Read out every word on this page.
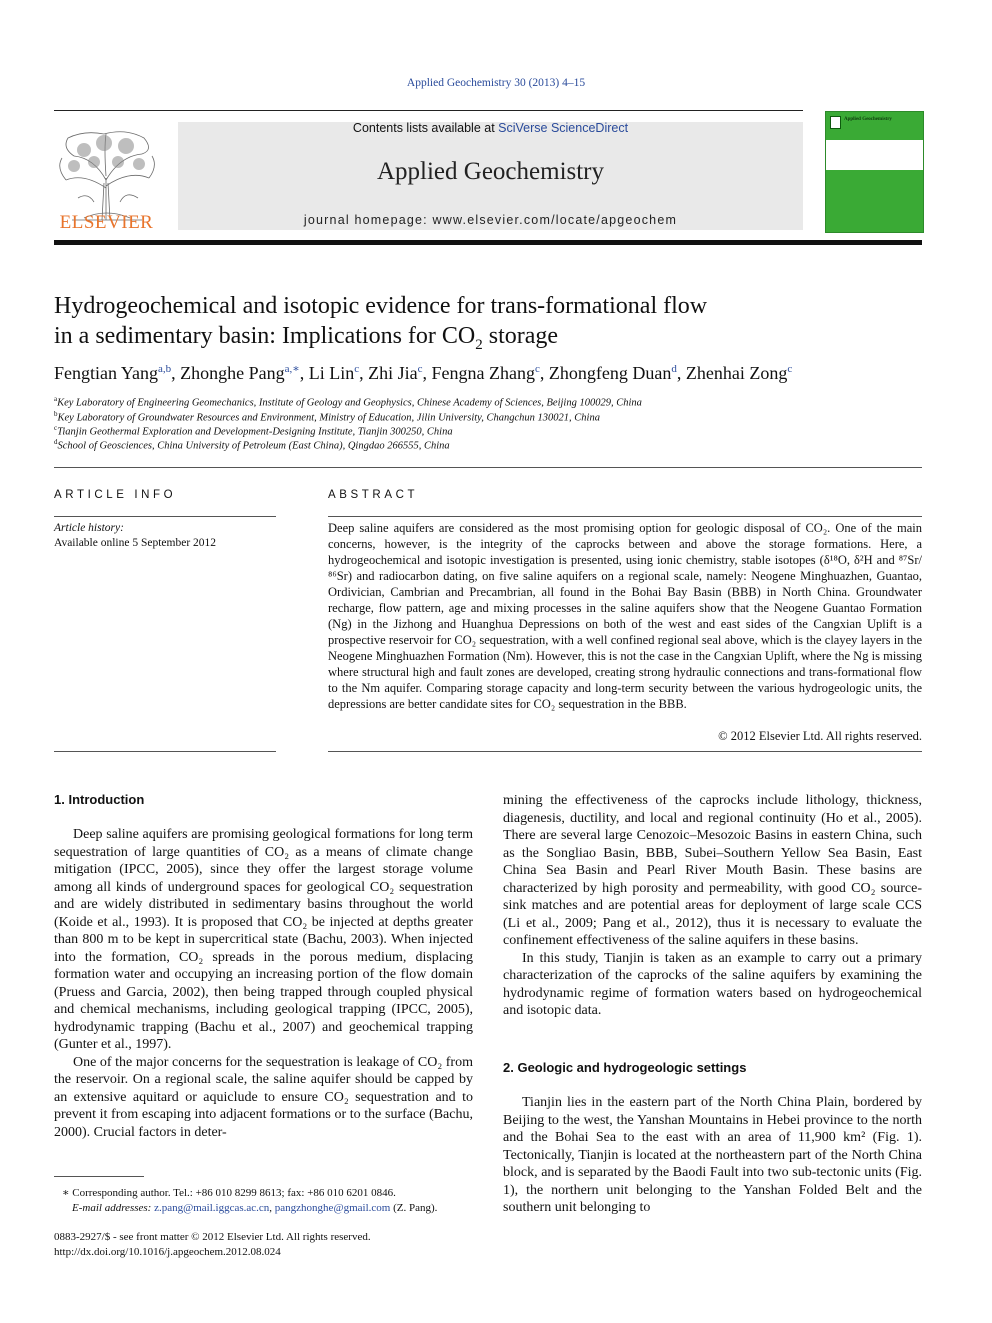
Applied Geochemistry 30 (2013) 4–15
ELSEVIER
Contents lists available at SciVerse ScienceDirect
Applied Geochemistry
journal homepage: www.elsevier.com/locate/apgeochem
Applied Geochemistry
Hydrogeochemical and isotopic evidence for trans-formational flow
in a sedimentary basin: Implications for $CO_2$ storage
Fengtian Yang$^{a,b}$, Zhonghe Pang$^{a,∗}$, Li Lin$^c$, Zhi Jia$^c$, Fengna Zhang$^c$, Zhongfeng Duan$^d$, Zhenhai Zong$^c$
$^a$Key Laboratory of Engineering Geomechanics, Institute of Geology and Geophysics, Chinese Academy of Sciences, Beijing 100029, China
$^b$Key Laboratory of Groundwater Resources and Environment, Ministry of Education, Jilin University, Changchun 130021, China
$^c$Tianjin Geothermal Exploration and Development-Designing Institute, Tianjin 300250, China
$^d$School of Geosciences, China University of Petroleum (East China), Qingdao 266555, China
ARTICLE INFO
Article history:
Available online 5 September 2012
ABSTRACT
Deep saline aquifers are considered as the most promising option for geologic disposal of CO₂. One of the main concerns, however, is the integrity of the caprocks between and above the storage formations. Here, a hydrogeochemical and isotopic investigation is presented, using ionic chemistry, stable isotopes (δ¹⁸O, δ²H and ⁸⁷Sr/⁸⁶Sr) and radiocarbon dating, on five saline aquifers on a regional scale, namely: Neogene Minghuazhen, Guantao, Ordivician, Cambrian and Precambrian, all found in the Bohai Bay Basin (BBB) in North China. Groundwater recharge, flow pattern, age and mixing processes in the saline aquifers show that the Neogene Guantao Formation (Ng) in the Jizhong and Huanghua Depressions on both of the west and east sides of the Cangxian Uplift is a prospective reservoir for CO₂ sequestration, with a well confined regional seal above, which is the clayey layers in the Neogene Minghuazhen Formation (Nm). However, this is not the case in the Cangxian Uplift, where the Ng is missing where structural high and fault zones are developed, creating strong hydraulic connections and trans-formational flow to the Nm aquifer. Comparing storage capacity and long-term security between the various hydrogeologic units, the depressions are better candidate sites for CO₂ sequestration in the BBB.
© 2012 Elsevier Ltd. All rights reserved.
1. Introduction

Deep saline aquifers are promising geological formations for long term sequestration of large quantities of CO₂ as a means of climate change mitigation (IPCC, 2005), since they offer the largest storage volume among all kinds of underground spaces for geological CO₂ sequestration and are widely distributed in sedimentary basins throughout the world (Koide et al., 1993). It is proposed that CO₂ be injected at depths greater than 800 m to be kept in supercritical state (Bachu, 2003). When injected into the formation, CO₂ spreads in the porous medium, displacing formation water and occupying an increasing portion of the flow domain (Pruess and Garcia, 2002), then being trapped through coupled physical and chemical mechanisms, including geological trapping (IPCC, 2005), hydrodynamic trapping (Bachu et al., 2007) and geochemical trapping (Gunter et al., 1997).

One of the major concerns for the sequestration is leakage of CO₂ from the reservoir. On a regional scale, the saline aquifer should be capped by an extensive aquitard or aquiclude to ensure CO₂ sequestration and to prevent it from escaping into adjacent formations or to the surface (Bachu, 2000). Crucial factors in deter-

∗ Corresponding author. Tel.: +86 010 8299 8613; fax: +86 010 6201 0846.
E-mail addresses: z.pang@mail.iggcas.ac.cn, pangzhonghe@gmail.com (Z. Pang).
0883-2927/$ - see front matter © 2012 Elsevier Ltd. All rights reserved.
http://dx.doi.org/10.1016/j.apgeochem.2012.08.024

mining the effectiveness of the caprocks include lithology, thickness, diagenesis, ductility, and local and regional continuity (Ho et al., 2005). There are several large Cenozoic–Mesozoic Basins in eastern China, such as the Songliao Basin, BBB, Subei–Southern Yellow Sea Basin, East China Sea Basin and Pearl River Mouth Basin. These basins are characterized by high porosity and permeability, with good CO₂ source-sink matches and are potential areas for deployment of large scale CCS (Li et al., 2009; Pang et al., 2012), thus it is necessary to evaluate the confinement effectiveness of the saline aquifers in these basins.

In this study, Tianjin is taken as an example to carry out a primary characterization of the caprocks of the saline aquifers by examining the hydrodynamic regime of formation waters based on hydrogeochemical and isotopic data.

2. Geologic and hydrogeologic settings

Tianjin lies in the eastern part of the North China Plain, bordered by Beijing to the west, the Yanshan Mountains in Hebei province to the north and the Bohai Sea to the east with an area of 11,900 km² (Fig. 1). Tectonically, Tianjin is located at the northeastern part of the North China block, and is separated by the Baodi Fault into two sub-tectonic units (Fig. 1), the northern unit belonging to the Yanshan Folded Belt and the southern unit belonging to
